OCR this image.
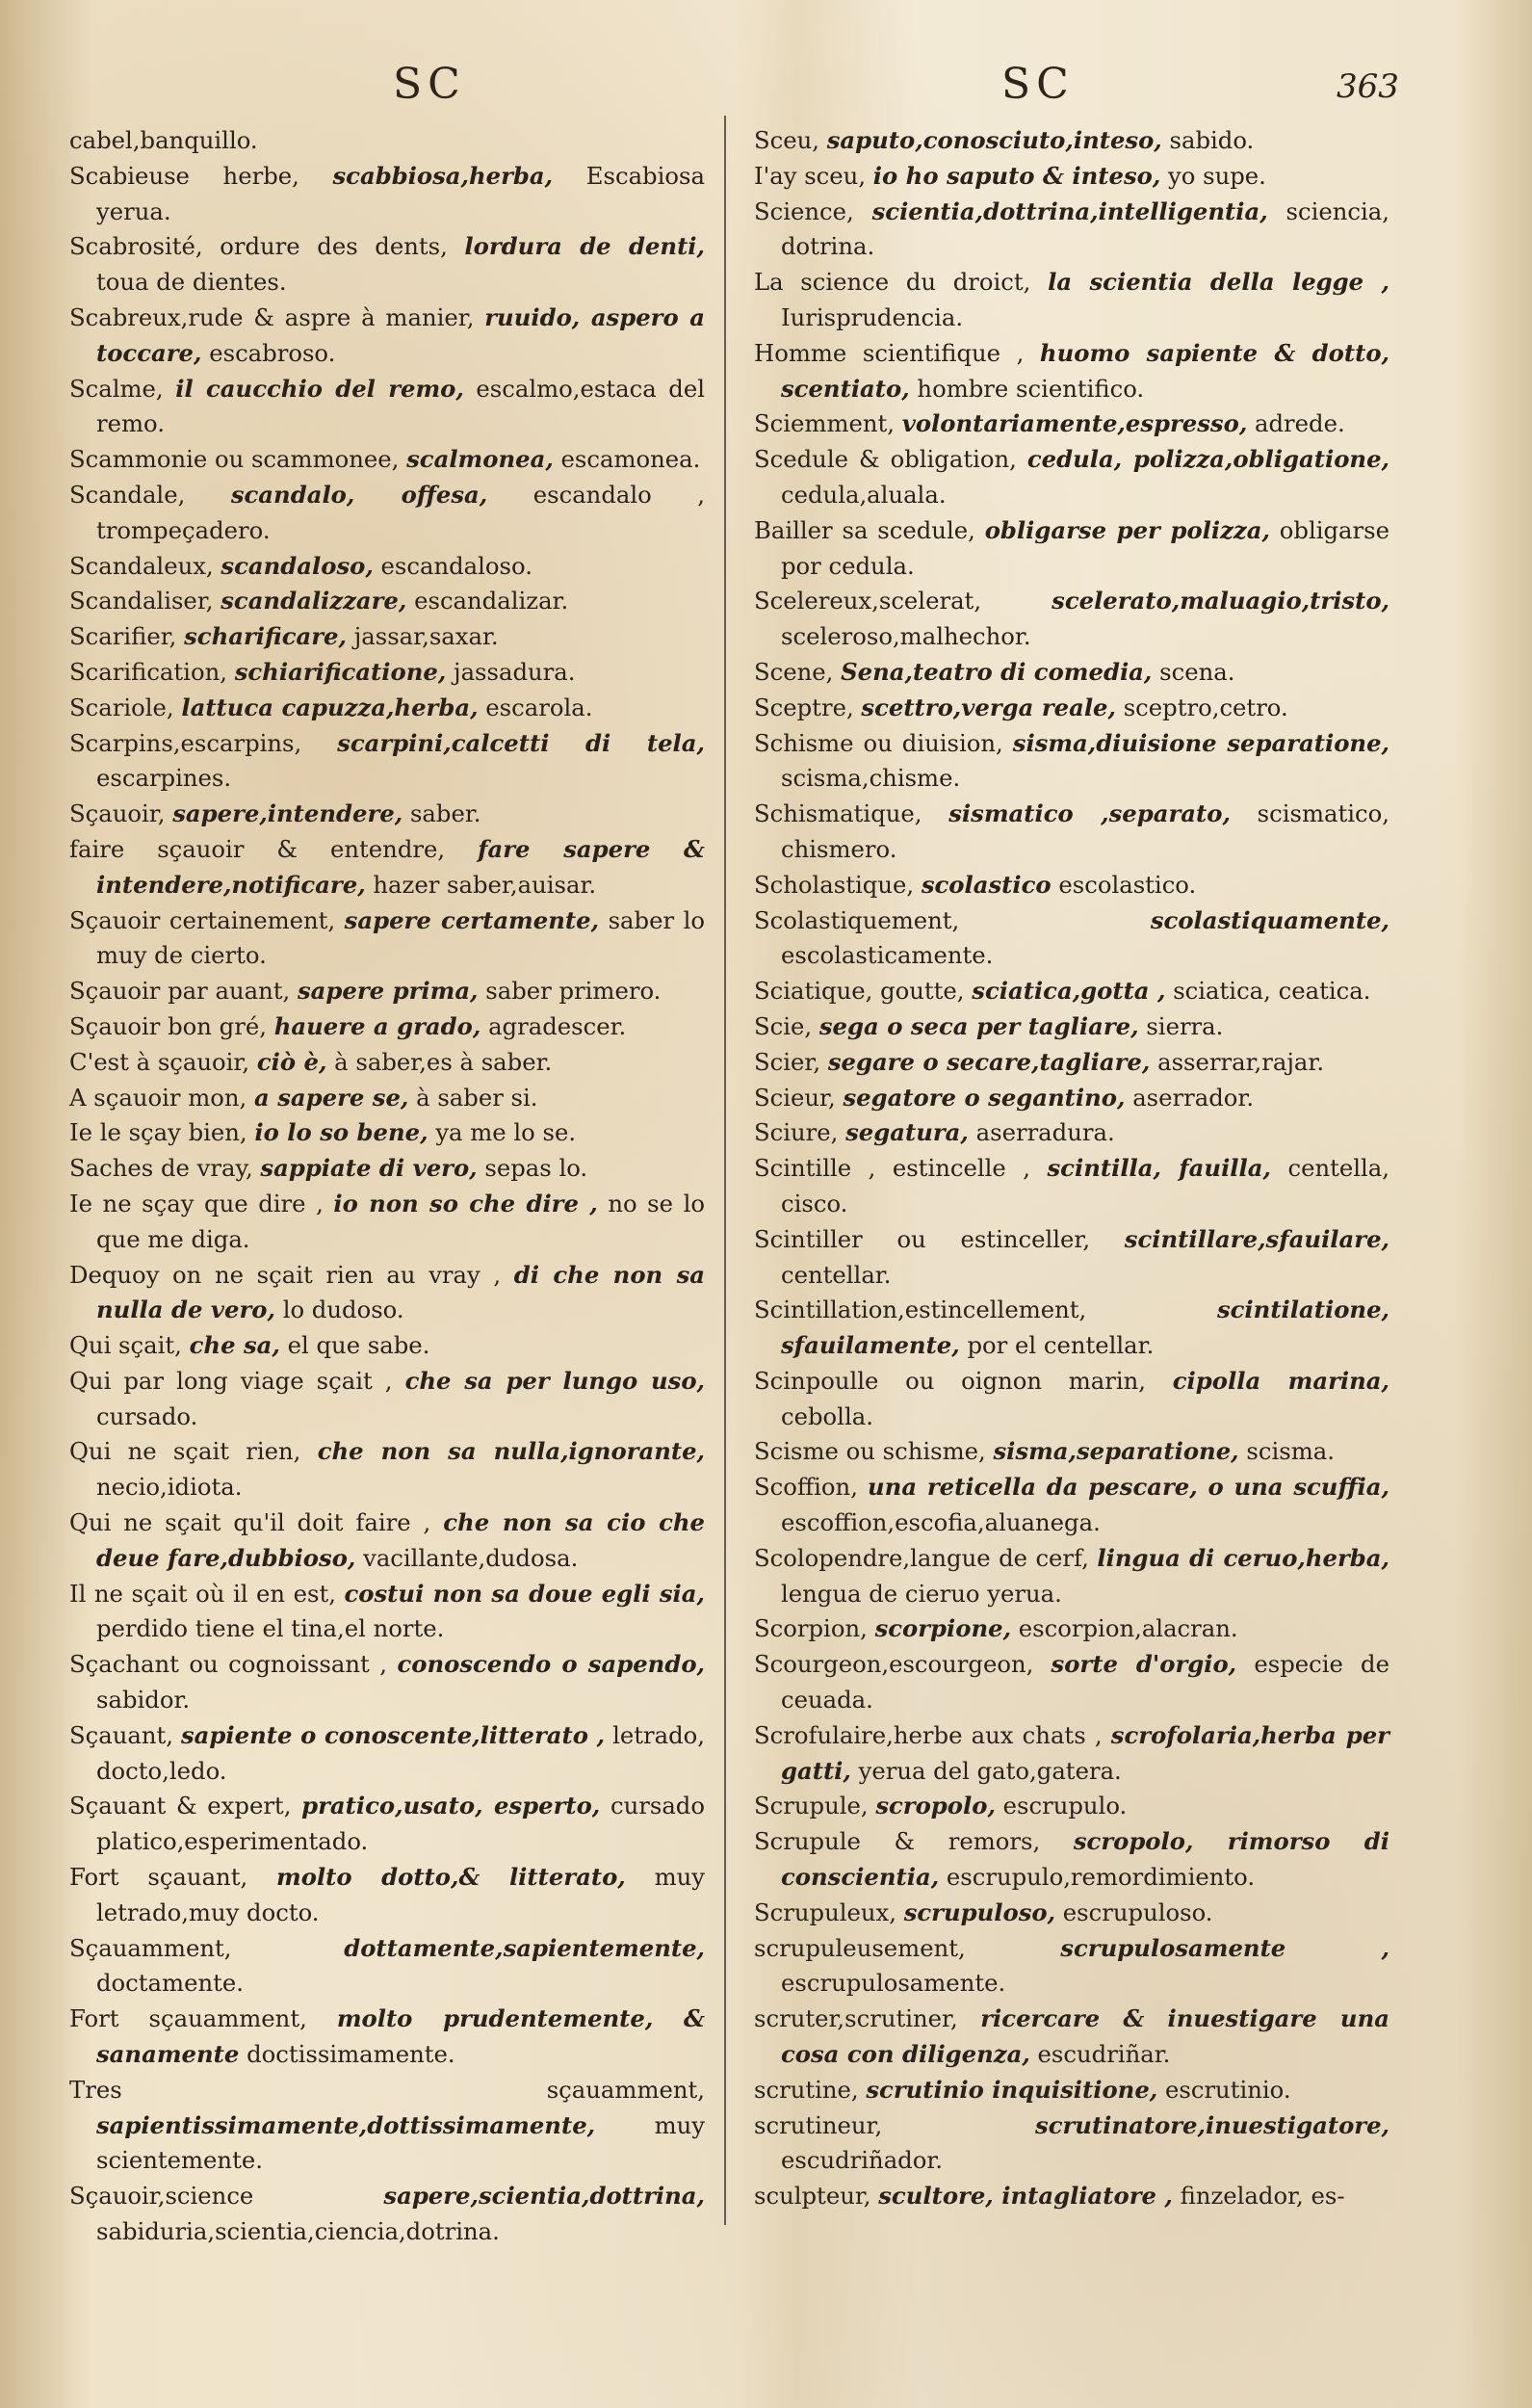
SC	SC	363
cabel,banquillo.
Scabieuse herbe, scabbiosa,herba, Escabiosa yerua.
Scabrosité, ordure des dents, lordura de denti, toua de dientes.
Scabreux,rude & aspre à manier, ruuido, aspero a toccare, escabroso.
Scalme, il caucchio del remo, escalmo,estaca del remo.
Scammonie ou scammonee, scalmonea, escamonea.
Scandale, scandalo, offesa, escandalo , trompeçadero.
Scandaleux, scandaloso, escandaloso.
Scandaliser, scandalizzare, escandalizar.
Scarifier, scharificare, jassar,saxar.
Scarification, schiarificatione, jassadura.
Scariole, lattuca capuzza,herba, escarola.
Scarpins,escarpins, scarpini,calcetti di tela, escarpines.
Sçauoir, sapere,intendere, saber.
faire sçauoir & entendre, fare sapere & intendere,notificare, hazer saber,auisar.
Sçauoir certainement, sapere certamente, saber lo muy de cierto.
Sçauoir par auant, sapere prima, saber primero.
Sçauoir bon gré, hauere a grado, agradescer.
C'est à sçauoir, ciò è, à saber,es à saber.
A sçauoir mon, a sapere se, à saber si.
Ie le sçay bien, io lo so bene, ya me lo se.
Saches de vray, sappiate di vero, sepas lo.
Ie ne sçay que dire , io non so che dire , no se lo que me diga.
Dequoy on ne sçait rien au vray , di che non sa nulla de vero, lo dudoso.
Qui sçait, che sa, el que sabe.
Qui par long viage sçait , che sa per lungo uso, cursado.
Qui ne sçait rien, che non sa nulla,ignorante, necio,idiota.
Qui ne sçait qu'il doit faire , che non sa cio che deue fare,dubbioso, vacillante,dudosa.
Il ne sçait où il en est, costui non sa doue egli sia, perdido tiene el tina,el norte.
Sçachant ou cognoissant , conoscendo o sapendo, sabidor.
Sçauant, sapiente o conoscente,litterato , letrado, docto,ledo.
Sçauant & expert, pratico,usato, esperto, cursado platico,esperimentado.
Fort sçauant, molto dotto,& litterato, muy letrado,muy docto.
Sçauamment,	dottamente,sapientemente, doctamente.
Fort sçauamment, molto prudentemente, & sanamente doctissimamente.
Tres sçauamment, sapientissimamente,dottissimamente,	muy scientemente.
Sçauoir,science	sapere,scientia,dottrina, sabiduria,scientia,ciencia,dotrina.
Sceu, saputo,conosciuto,inteso, sabido.
I'ay sceu, io ho saputo & inteso, yo supe.
Science, scientia,dottrina,intelligentia, sciencia, dotrina.
La science du droict, la scientia della legge , Iurisprudencia.
Homme scientifique , huomo sapiente & dotto, scentiato, hombre scientifico.
Sciemment, volontariamente,espresso, adrede.
Scedule & obligation, cedula, polizza,obligatione, cedula,aluala.
Bailler sa scedule, obligarse per polizza, obligarse por cedula.
Scelereux,scelerat,	scelerato,maluagio,tristo, sceleroso,malhechor.
Scene, Sena,teatro di comedia, scena.
Sceptre, scettro,verga reale, sceptro,cetro.
Schisme ou diuision, sisma,diuisione separatione, scisma,chisme.
Schismatique, sismatico ,separato, scismatico, chismero.
Scholastique, scolastico escolastico.
Scolastiquement,	scolastiquamente, escolasticamente.
Sciatique, goutte, sciatica,gotta , sciatica, ceatica.
Scie, sega o seca per tagliare, sierra.
Scier, segare o secare,tagliare, asserrar,rajar.
Scieur, segatore o segantino, aserrador.
Sciure, segatura, aserradura.
Scintille , estincelle , scintilla, fauilla, centella, cisco.
Scintiller ou estinceller, scintillare,sfauilare, centellar.
Scintillation,estincellement,	scintilatione, sfauilamente, por el centellar.
Scinpoulle ou oignon marin, cipolla marina, cebolla.
Scisme ou schisme, sisma,separatione, scisma.
Scoffion, una reticella da pescare, o una scuffia, escoffion,escofia,aluanega.
Scolopendre,langue de cerf, lingua di ceruo,herba, lengua de cieruo yerua.
Scorpion, scorpione, escorpion,alacran.
Scourgeon,escourgeon, sorte d'orgio, especie de ceuada.
Scrofulaire,herbe aux chats , scrofolaria,herba per gatti, yerua del gato,gatera.
Scrupule, scropolo, escrupulo.
Scrupule & remors, scropolo, rimorso di conscientia, escrupulo,remordimiento.
Scrupuleux, scrupuloso, escrupuloso.
scrupuleusement,	scrupulosamente , escrupulosamente.
scruter,scrutiner, ricercare & inuestigare una cosa con diligenza, escudriñar.
scrutine, scrutinio inquisitione, escrutinio.
scrutineur,	scrutinatore,inuestigatore, escudriñador.
sculpteur, scultore, intagliatore , finzelador, es-
